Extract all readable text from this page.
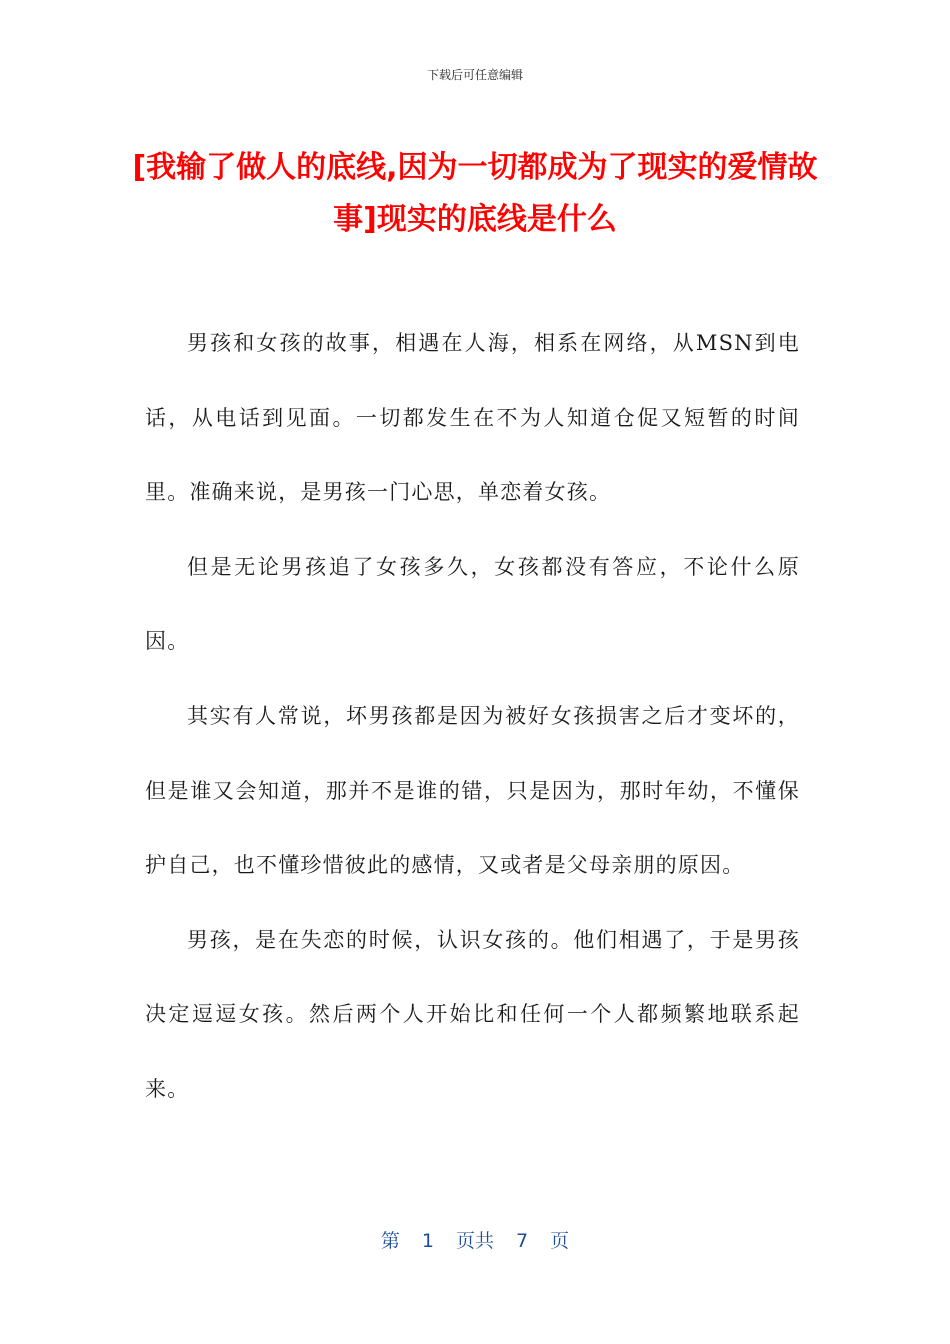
下载后可任意编辑
[我输了做人的底线,因为一切都成为了现实的爱情故事]现实的底线是什么

男孩和女孩的故事，相遇在人海，相系在网络，从MSN到电话，从电话到见面。一切都发生在不为人知道仓促又短暂的时间里。准确来说，是男孩一门心思，单恋着女孩。

但是无论男孩追了女孩多久，女孩都没有答应，不论什么原因。

其实有人常说，坏男孩都是因为被好女孩损害之后才变坏的，但是谁又会知道，那并不是谁的错，只是因为，那时年幼，不懂保护自己，也不懂珍惜彼此的感情，又或者是父母亲朋的原因。

男孩，是在失恋的时候，认识女孩的。他们相遇了，于是男孩决定逗逗女孩。然后两个人开始比和任何一个人都频繁地联系起来。

第 1 页共 7 页
